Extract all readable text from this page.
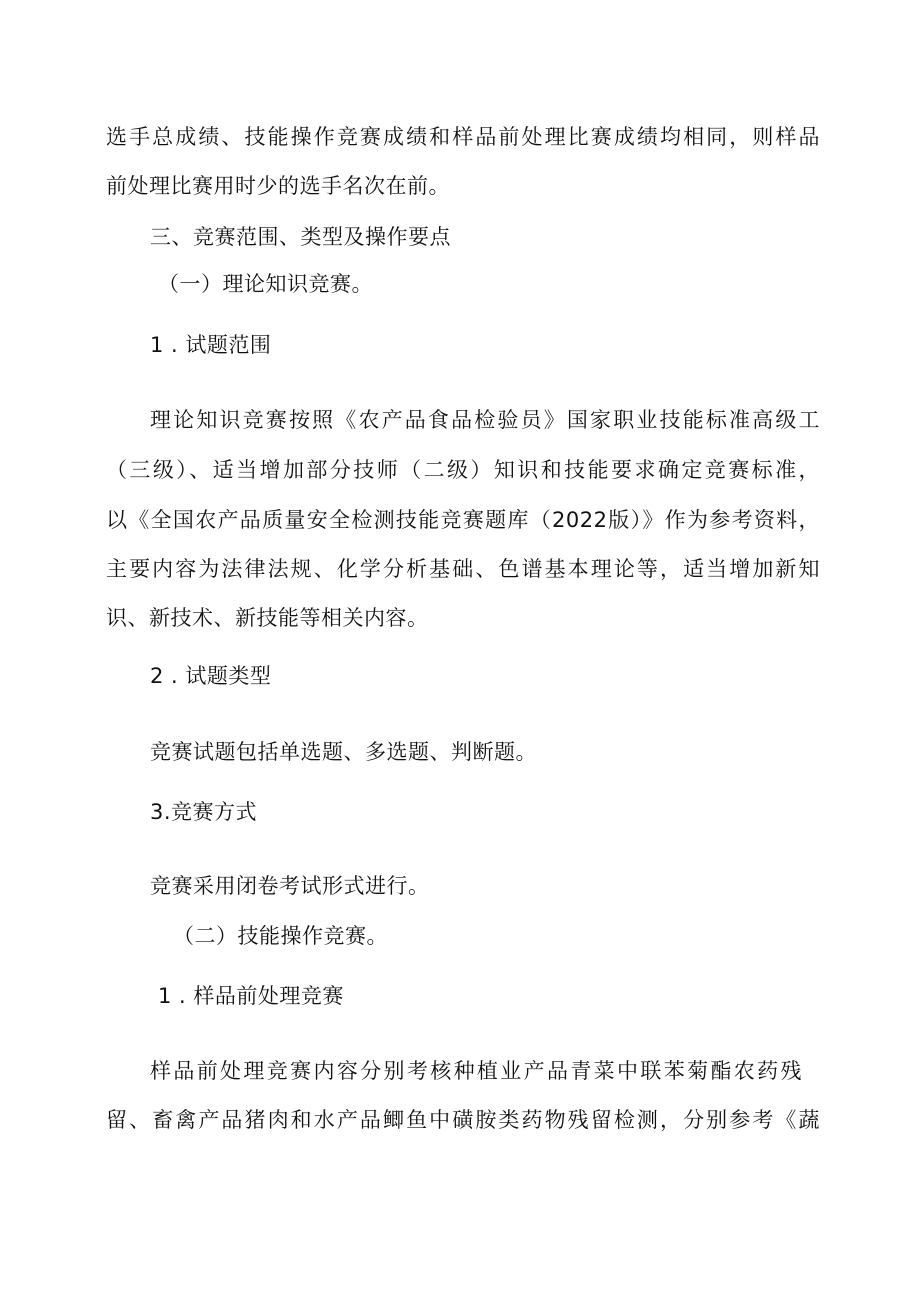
选手总成绩、技能操作竞赛成绩和样品前处理比赛成绩均相同，则样品
前处理比赛用时少的选手名次在前。
三、竞赛范围、类型及操作要点
（一）理论知识竞赛。
1 . 试题范围
理论知识竞赛按照《农产品食品检验员》国家职业技能标准高级工
（三级）、适当增加部分技师（二级）知识和技能要求确定竞赛标准，
以《全国农产品质量安全检测技能竞赛题库（2022版）》作为参考资料，
主要内容为法律法规、化学分析基础、色谱基本理论等，适当增加新知
识、新技术、新技能等相关内容。
2 . 试题类型
竞赛试题包括单选题、多选题、判断题。
3.竞赛方式
竞赛采用闭卷考试形式进行。
（二）技能操作竞赛。
1 . 样品前处理竞赛
样品前处理竞赛内容分别考核种植业产品青菜中联苯菊酯农药残
留、畜禽产品猪肉和水产品鲫鱼中磺胺类药物残留检测，分别参考《蔬
